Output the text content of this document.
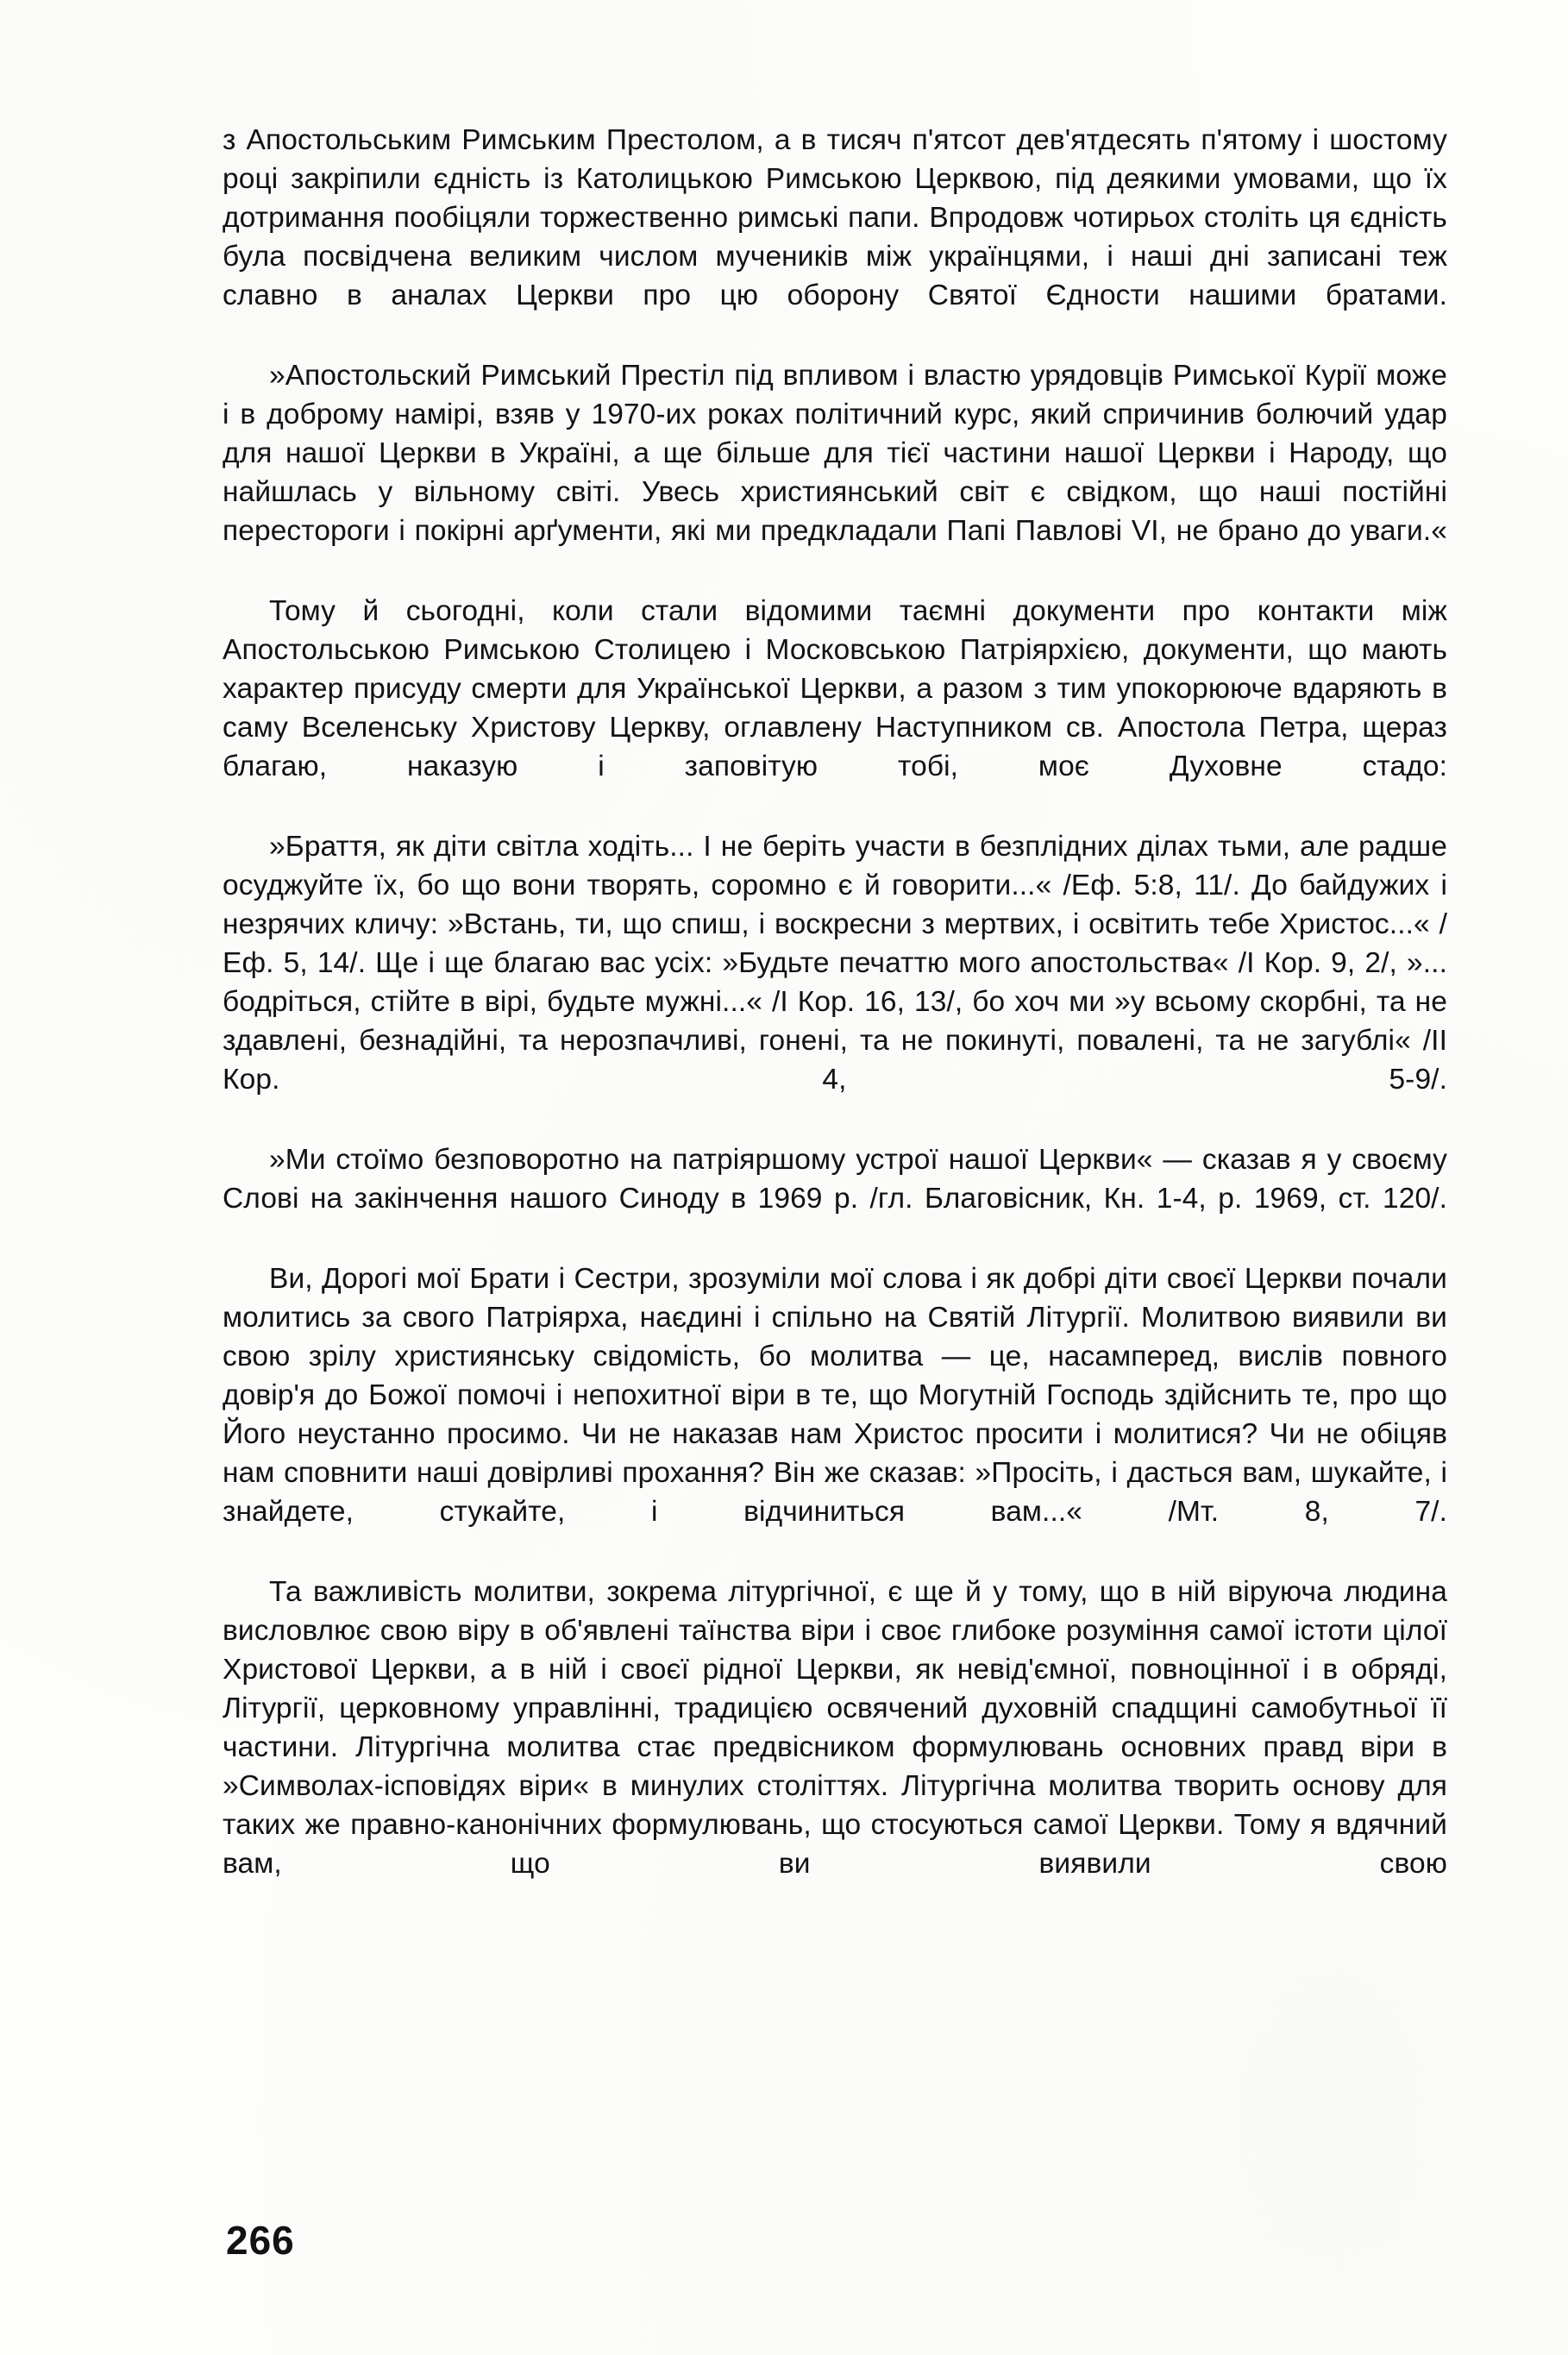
з Апостольським Римським Престолом, а в тисяч п'ятсот дев'ятдесять п'ятому і шостому році закріпили єдність із Католицькою Римською Церквою, під деякими умовами, що їх дотримання пообіцяли торжественно римські папи. Впродовж чотирьох століть ця єдність була посвідчена великим числом мучеників між українцями, і наші дні записані теж славно в аналах Церкви про цю оборону Святої Єдности нашими братами.

»Апостольский Римський Престіл під впливом і властю урядовців Римської Курії може і в доброму намірі, взяв у 1970-их роках політичний курс, який спричинив болючий удар для нашої Церкви в Україні, а ще більше для тієї частини нашої Церкви і Народу, що найшлась у вільному світі. Увесь християнський світ є свідком, що наші постійні перестороги і покірні арґументи, які ми предкладали Папі Павлові VI, не брано до уваги.«

Тому й сьогодні, коли стали відомими таємні документи про контакти між Апостольською Римською Столицею і Московською Патріярхією, документи, що мають характер присуду смерти для Української Церкви, а разом з тим упокорююче вдаряють в саму Вселенську Христову Церкву, оглавлену Наступником св. Апостола Петра, щераз благаю, наказую і заповітую тобі, моє Духовне стадо:

»Браття, як діти світла ходіть... І не беріть участи в безплідних ділах тьми, але радше осуджуйте їх, бо що вони творять, соромно є й говорити...« /Еф. 5:8, 11/. До байдужих і незрячих кличу: »Встань, ти, що спиш, і воскресни з мертвих, і освітить тебе Христос...« /Еф. 5, 14/. Ще і ще благаю вас усіх: »Будьте печаттю мого апостольства« /І Кор. 9, 2/, »... бодріться, стійте в вірі, будьте мужні...« /І Кор. 16, 13/, бо хоч ми »у всьому скорбні, та не здавлені, безнадійні, та нерозпачливі, гонені, та не покинуті, повалені, та не загублі« /ІІ Кор. 4, 5-9/.

»Ми стоїмо безповоротно на патріяршому устрої нашої Церкви« — сказав я у своєму Слові на закінчення нашого Синоду в 1969 р. /гл. Благовісник, Кн. 1-4, р. 1969, ст. 120/.

Ви, Дорогі мої Брати і Сестри, зрозуміли мої слова і як добрі діти своєї Церкви почали молитись за свого Патріярха, наєдині і спільно на Святій Літургії. Молитвою виявили ви свою зрілу християнську свідомість, бо молитва — це, насамперед, вислів повного довір'я до Божої помочі і непохитної віри в те, що Могутній Господь здійснить те, про що Його неустанно просимо. Чи не наказав нам Христос просити і молитися? Чи не обіцяв нам сповнити наші довірливі прохання? Він же сказав: »Просіть, і дасться вам, шукайте, і знайдете, стукайте, і відчиниться вам...« /Мт. 8, 7/.

Та важливість молитви, зокрема літургічної, є ще й у тому, що в ній віруюча людина висловлює свою віру в об'явлені таїнства віри і своє глибоке розуміння самої істоти цілої Христової Церкви, а в ній і своєї рідної Церкви, як невід'ємної, повноцінної і в обряді, Літургії, церковному управлінні, традицією освячений духовній спадщині самобутньої її частини. Літургічна молитва стає предвісником формулювань основних правд віри в »Символах-ісповідях віри« в минулих століттях. Літургічна молитва творить основу для таких же правно-канонічних формулювань, що стосуються самої Церкви. Тому я вдячний вам, що ви виявили свою

266
